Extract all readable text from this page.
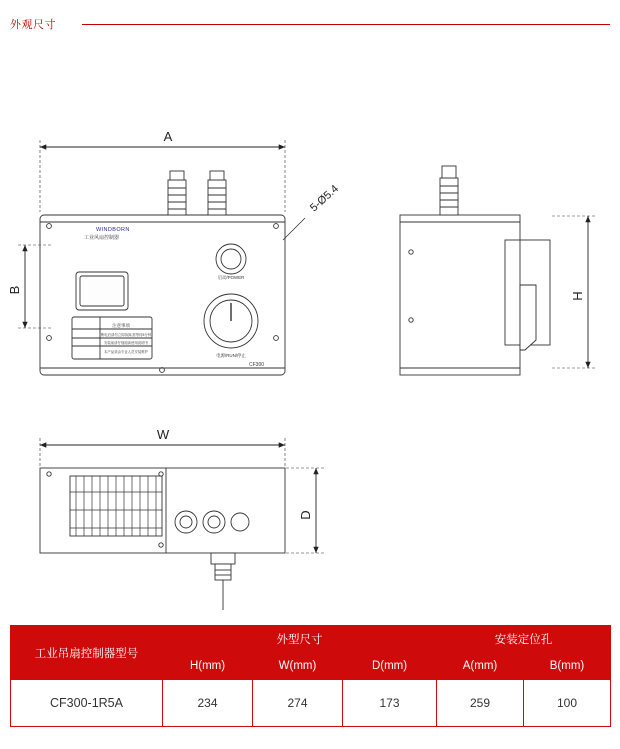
外观尺寸
A
B
5-Ø5.4
H
W
D
WINDBORN
工业风扇控制器
启动/POWER
电源/RUN/停止
CF300
注意事项
断电后请勿立即拆卸,需等待5分钟
安装前请仔细阅读使用说明书
本产品须由专业人员安装维护
工业吊扇控制器型号	外型尺寸			安装定位孔	
	H(mm)	W(mm)	D(mm)	A(mm)	B(mm)
CF300-1R5A	234	274	173	259	100
